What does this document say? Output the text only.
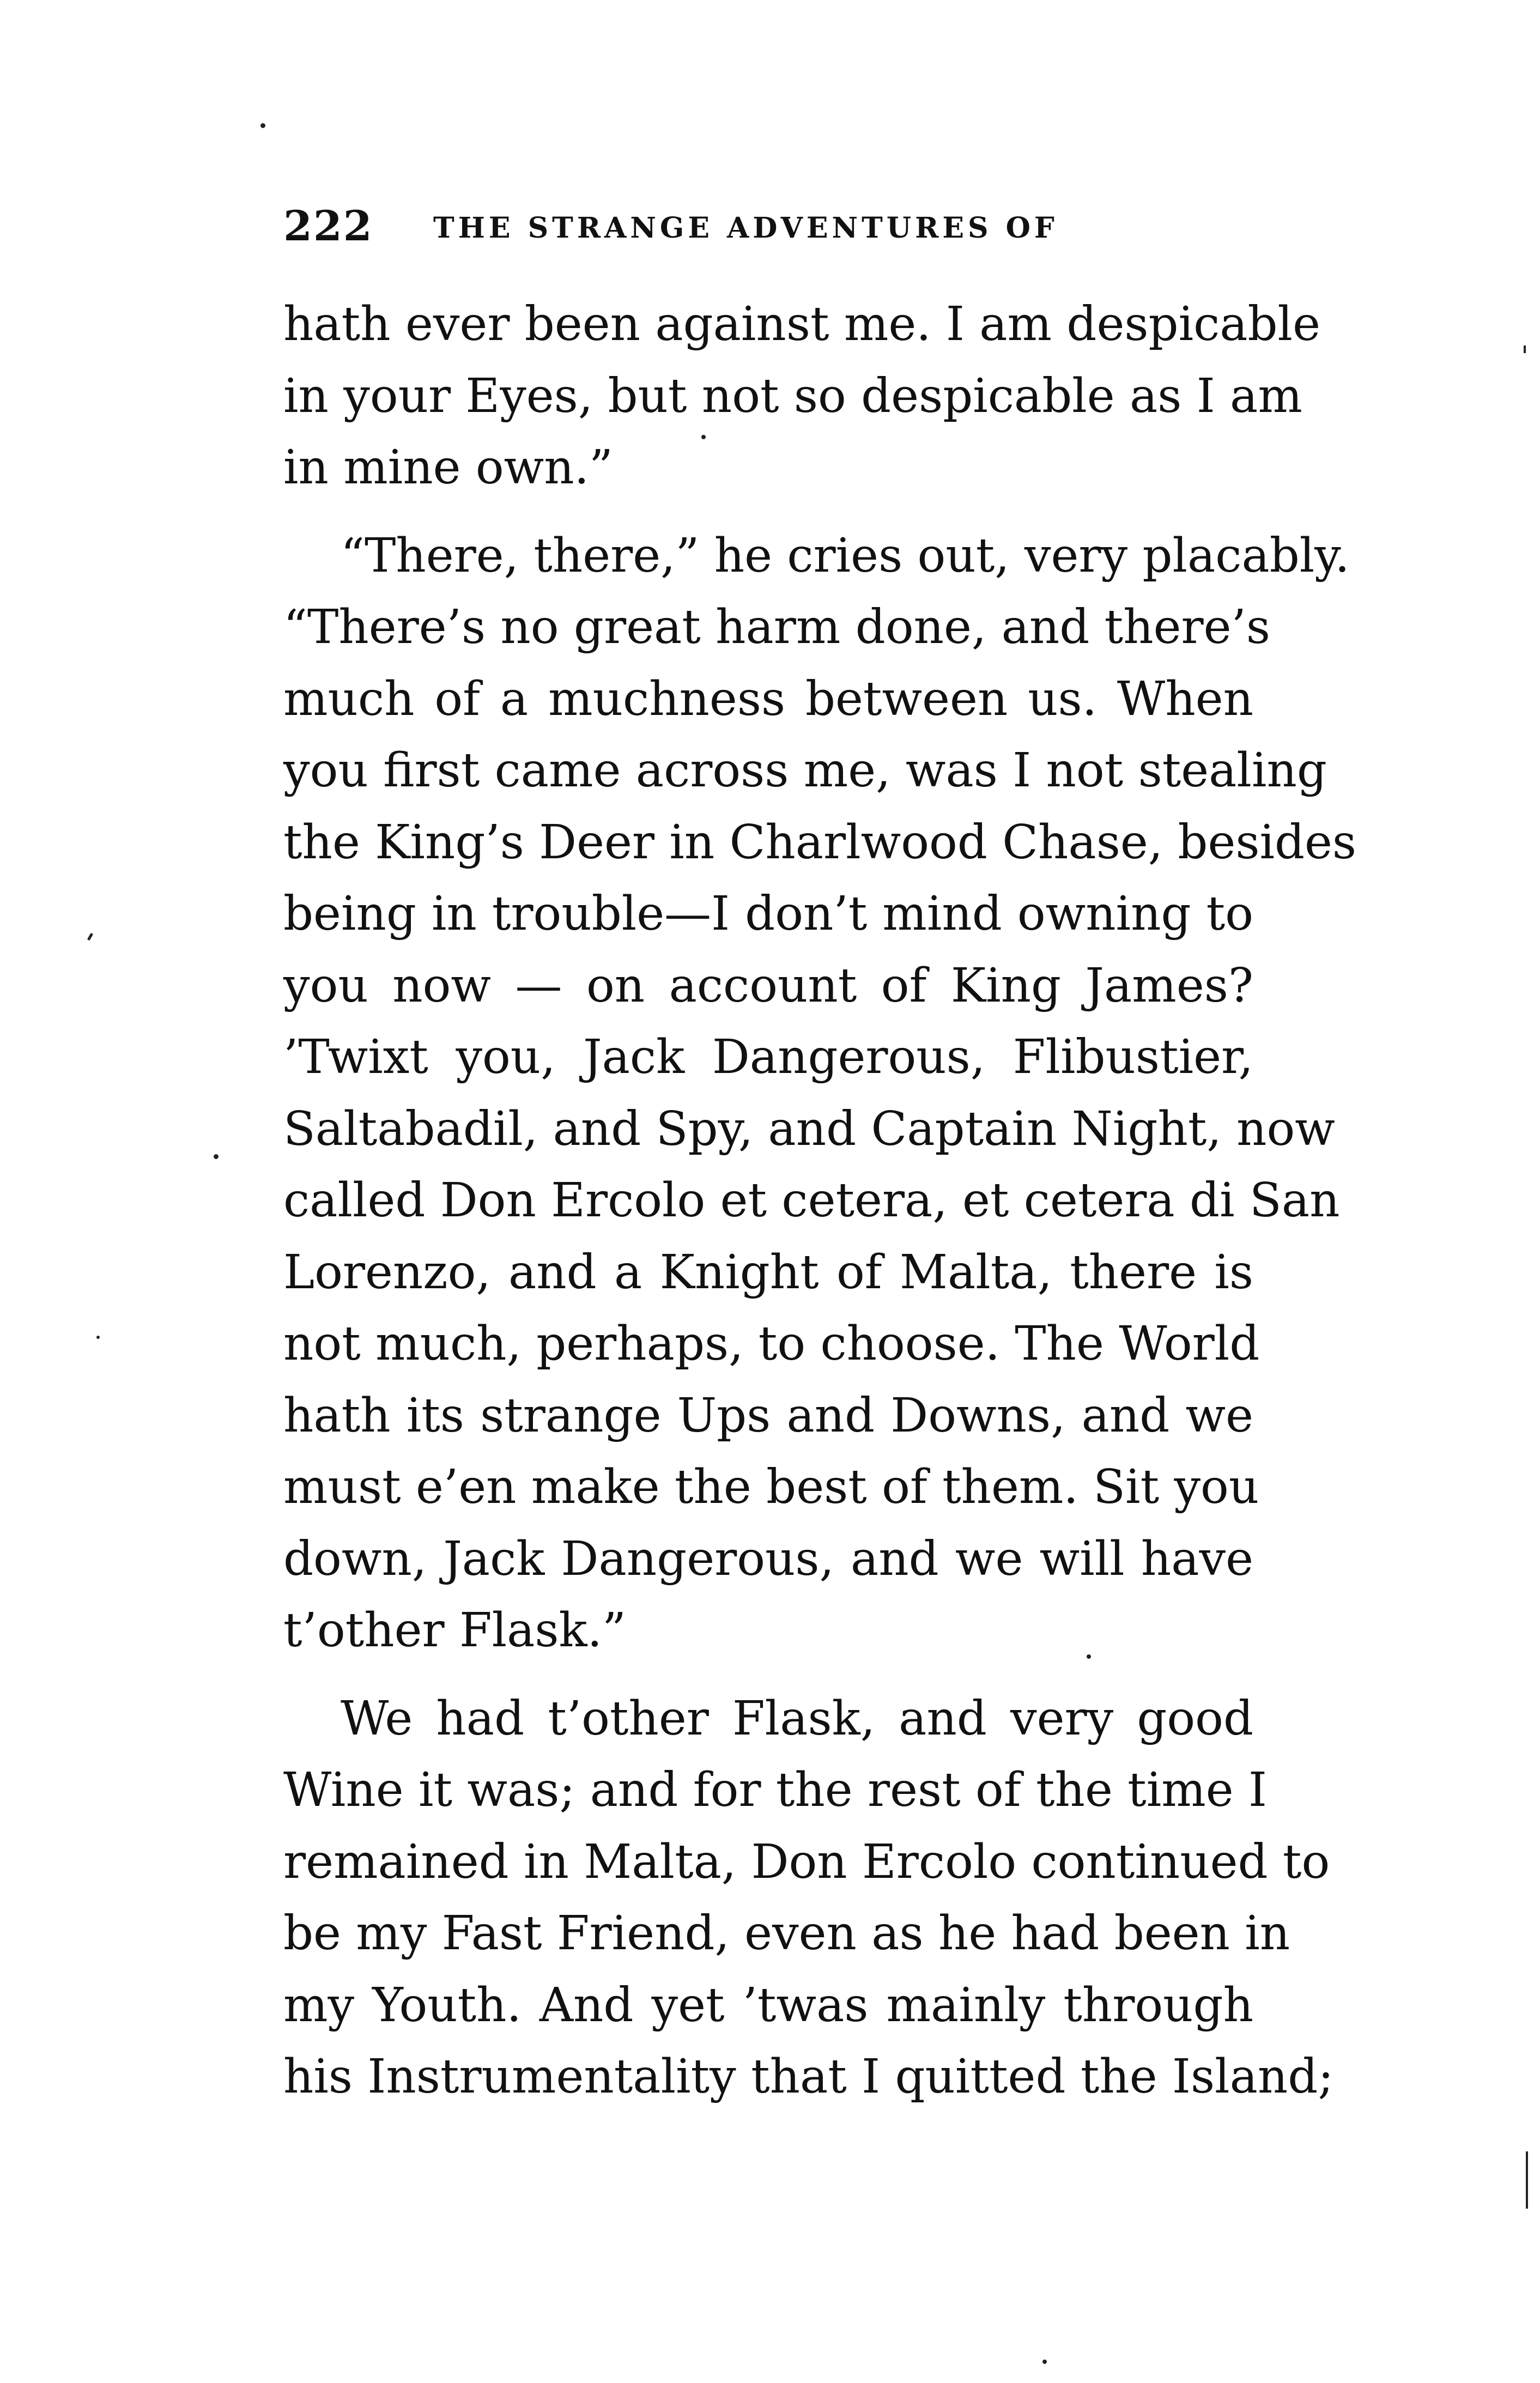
222 THE STRANGE ADVENTURES OF
hath ever been against me. I am despicable
in your Eyes, but not so despicable as I am
in mine own.”
“There, there,” he cries out, very placably.
“There’s no great harm done, and there’s
much of a muchness between us. When
you first came across me, was I not stealing
the King’s Deer in Charlwood Chase, besides
being in trouble—I don’t mind owning to
you now — on account of King James?
’Twixt you, Jack Dangerous, Flibustier,
Saltabadil, and Spy, and Captain Night, now
called Don Ercolo et cetera, et cetera di San
Lorenzo, and a Knight of Malta, there is
not much, perhaps, to choose. The World
hath its strange Ups and Downs, and we
must e’en make the best of them. Sit you
down, Jack Dangerous, and we will have
t’other Flask.”
We had t’other Flask, and very good
Wine it was; and for the rest of the time I
remained in Malta, Don Ercolo continued to
be my Fast Friend, even as he had been in
my Youth. And yet ’twas mainly through
his Instrumentality that I quitted the Island;
